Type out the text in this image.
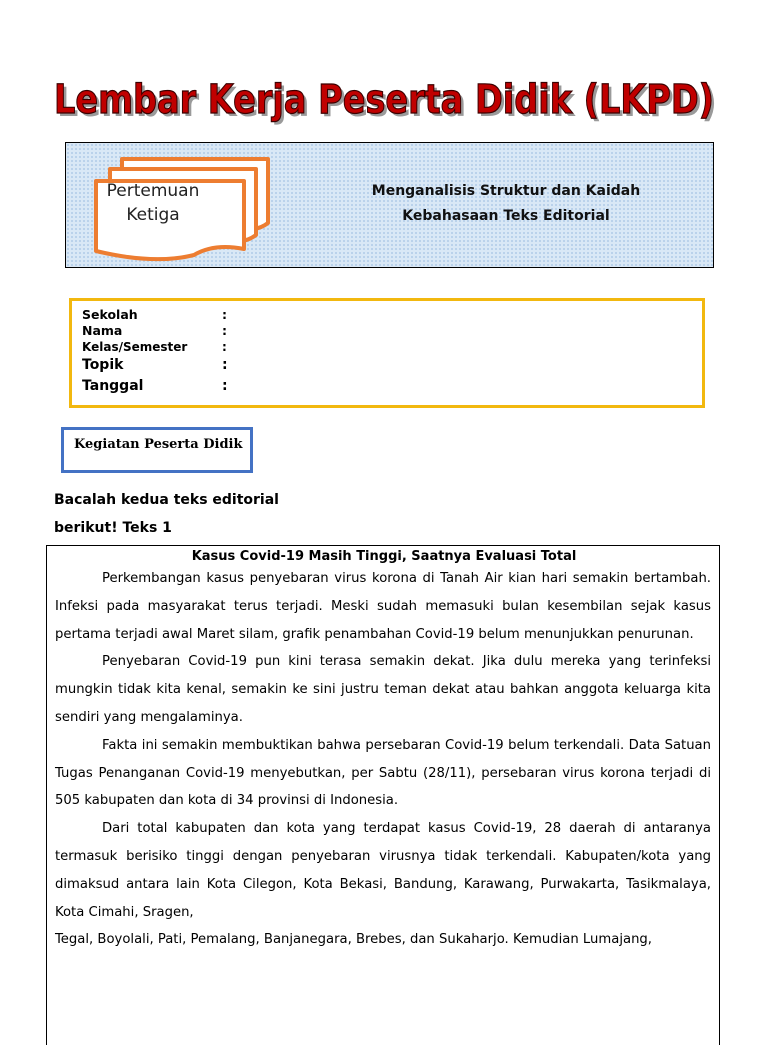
Lembar Kerja Peserta Didik (LKPD)
Lembar Kerja Peserta Didik (LKPD)
Pertemuan
Ketiga
Menganalisis Struktur dan Kaidah
Kebahasaan Teks Editorial
Sekolah	:
Nama	:
Kelas/Semester	:
Topik	:
Tanggal	:
Kegiatan Peserta Didik
Bacalah kedua teks editorial
berikut! Teks 1
Kasus Covid-19 Masih Tinggi, Saatnya Evaluasi Total

Perkembangan kasus penyebaran virus korona di Tanah Air kian hari semakin bertambah. Infeksi pada masyarakat terus terjadi. Meski sudah memasuki bulan kesembilan sejak kasus pertama terjadi awal Maret silam, grafik penambahan Covid-19 belum menunjukkan penurunan.

Penyebaran Covid-19 pun kini terasa semakin dekat. Jika dulu mereka yang terinfeksi mungkin tidak kita kenal, semakin ke sini justru teman dekat atau bahkan anggota keluarga kita sendiri yang mengalaminya.

Fakta ini semakin membuktikan bahwa persebaran Covid-19 belum terkendali. Data Satuan Tugas Penanganan Covid-19 menyebutkan, per Sabtu (28/11), persebaran virus korona terjadi di 505 kabupaten dan kota di 34 provinsi di Indonesia.

Dari total kabupaten dan kota yang terdapat kasus Covid-19, 28 daerah di antaranya termasuk berisiko tinggi dengan penyebaran virusnya tidak terkendali. Kabupaten/kota yang dimaksud antara lain Kota Cilegon, Kota Bekasi, Bandung, Karawang, Purwakarta, Tasikmalaya, Kota Cimahi, Sragen,

Tegal, Boyolali, Pati, Pemalang, Banjanegara, Brebes, dan Sukaharjo. Kemudian Lumajang,
